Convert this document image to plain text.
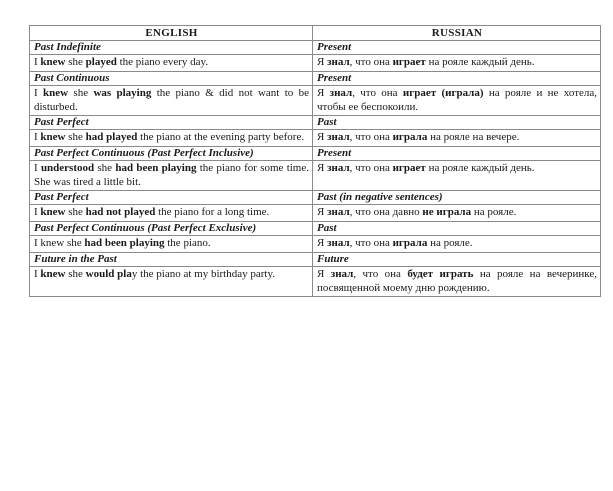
ENGLISH	RUSSIAN
Past Indefinite	Present
I knew she played the piano every day.	Я знал, что она играет на рояле каждый день.
Past Continuous	Present
I knew she was playing the piano & did not want to be disturbed.	Я знал, что она играет (играла) на рояле и не хотела, чтобы ее беспокоили.
Past Perfect	Past
I knew she had played the piano at the evening party before.	Я знал, что она играла на рояле на вечере.
Past Perfect Continuous (Past Perfect Inclusive)	Present
I understood she had been playing the piano for some time. She was tired a little bit.	Я знал, что она играет на рояле каждый день.
Past Perfect	Past (in negative sentences)
I knew she had not played the piano for a long time.	Я знал, что она давно не играла на рояле.
Past Perfect Continuous (Past Perfect Exclusive)	Past
I knew she had been playing the piano.	Я знал, что она играла на рояле.
Future in the Past	Future
I knew she would play the piano at my birthday party.	Я знал, что она будет играть на рояле на вечеринке, посвященной моему дню рождению.
